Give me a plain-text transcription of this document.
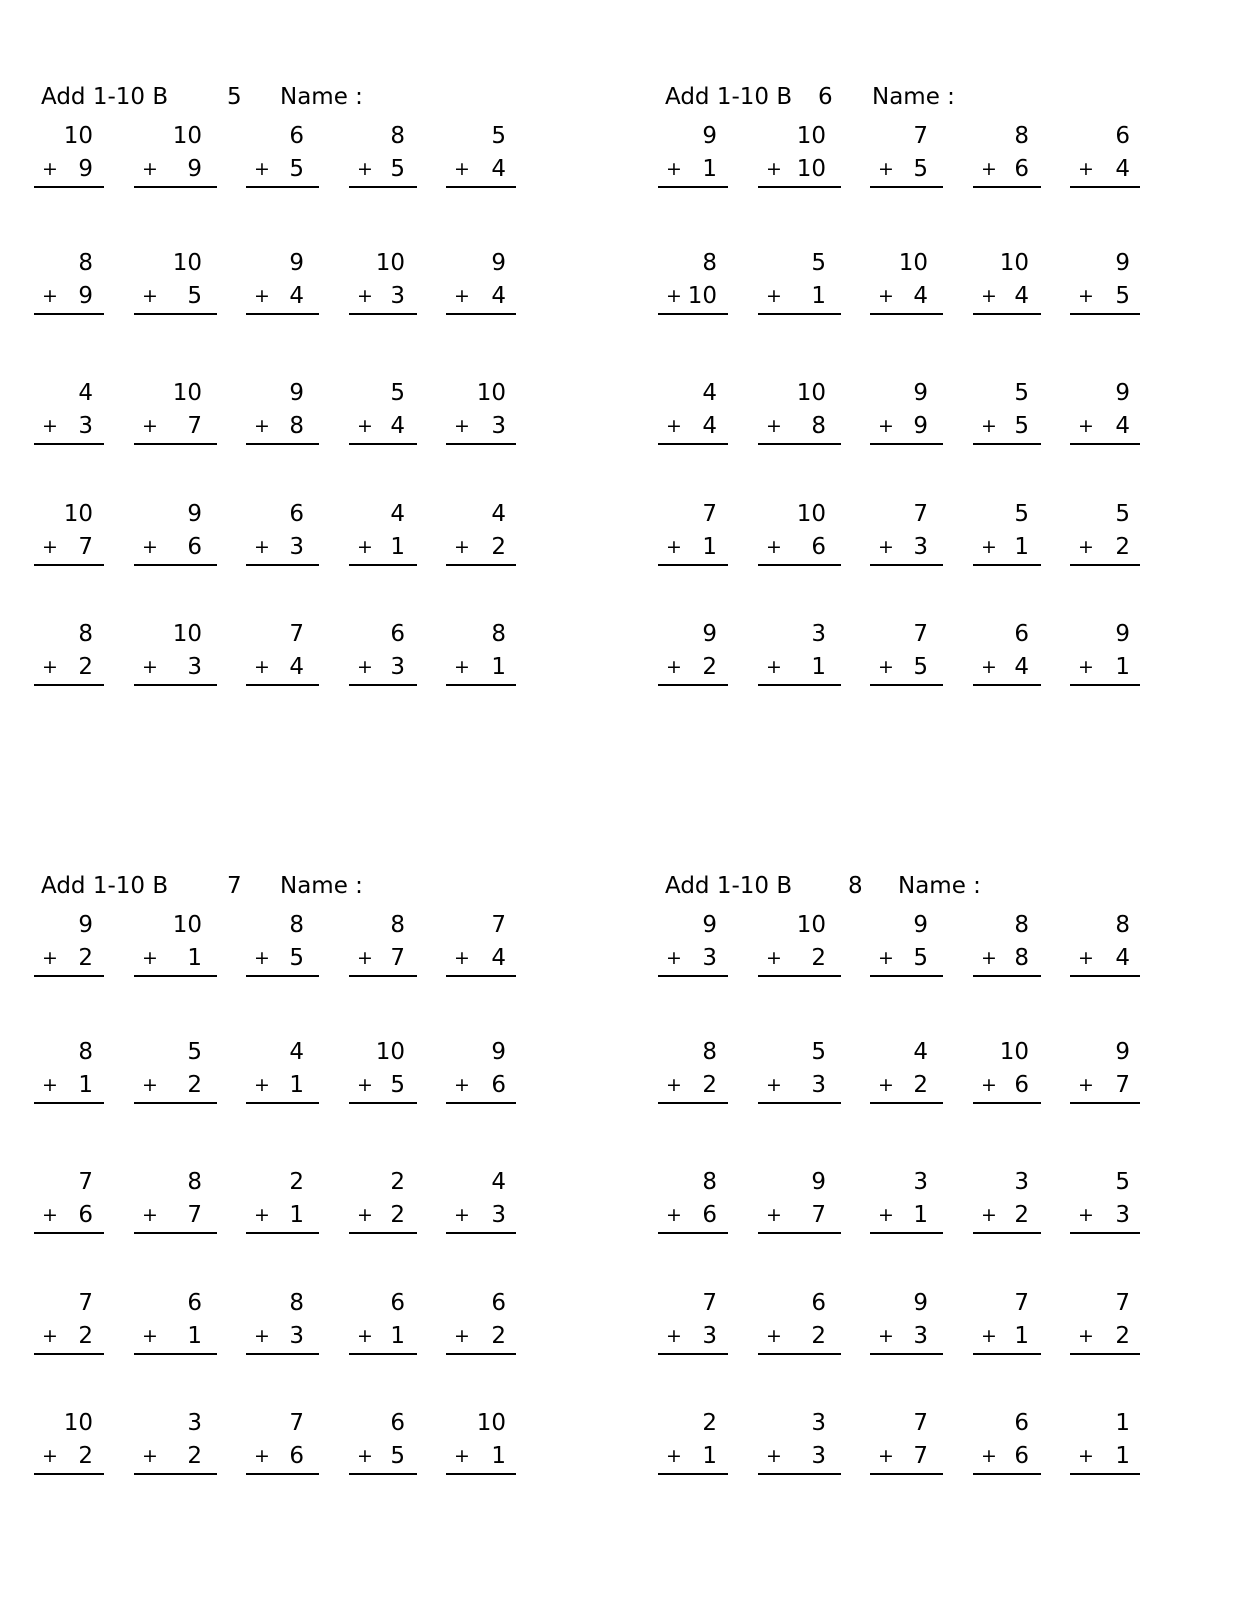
Add 1-10 B	5 Name :
10
+ 9
10
+ 9
6
+ 5
8
+ 5
5
+ 4
8
+ 9
10
+ 5
9
+ 4
10
+ 3
9
+ 4
4
+ 3
10
+ 7
9
+ 8
5
+ 4
10
+ 3
10
+ 7
9
+ 6
6
+ 3
4
+ 1
4
+ 2
8
+ 2
10
+ 3
7
+ 4
6
+ 3
8
+ 1
Add 1-10 B 6 Name :
9
+ 1
10
+ 10
7
+ 5
8
+ 6
6
+ 4
8
+ 10
5
+ 1
10
+ 4
10
+ 4
9
+ 5
4
+ 4
10
+ 8
9
+ 9
5
+ 5
9
+ 4
7
+ 1
10
+ 6
7
+ 3
5
+ 1
5
+ 2
9
+ 2
3
+ 1
7
+ 5
6
+ 4
9
+ 1
Add 1-10 B	7 Name :
9
+ 2
10
+ 1
8
+ 5
8
+ 7
7
+ 4
8
+ 1
5
+ 2
4
+ 1
10
+ 5
9
+ 6
7
+ 6
8
+ 7
2
+ 1
2
+ 2
4
+ 3
7
+ 2
6
+ 1
8
+ 3
6
+ 1
6
+ 2
10
+ 2
3
+ 2
7
+ 6
6
+ 5
10
+ 1
Add 1-10 B 8 Name :
9
+ 3
10
+ 2
9
+ 5
8
+ 8
8
+ 4
8
+ 2
5
+ 3
4
+ 2
10
+ 6
9
+ 7
8
+ 6
9
+ 7
3
+ 1
3
+ 2
5
+ 3
7
+ 3
6
+ 2
9
+ 3
7
+ 1
7
+ 2
2
+ 1
3
+ 3
7
+ 7
6
+ 6
1
+ 1
